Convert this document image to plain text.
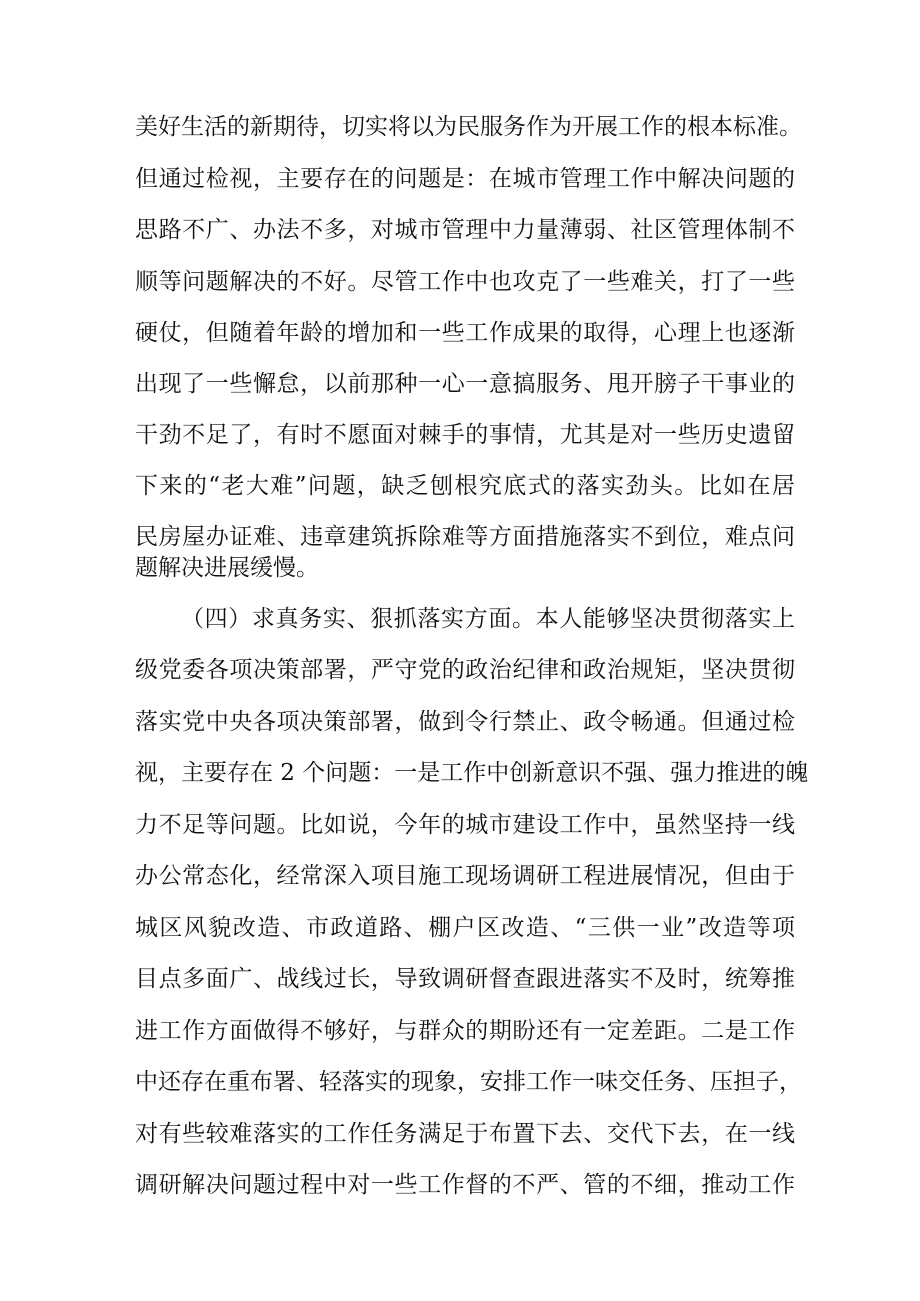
美好生活的新期待，切实将以为民服务作为开展工作的根本标准。
但通过检视，主要存在的问题是：在城市管理工作中解决问题的
思路不广、办法不多，对城市管理中力量薄弱、社区管理体制不
顺等问题解决的不好。尽管工作中也攻克了一些难关，打了一些
硬仗，但随着年龄的增加和一些工作成果的取得，心理上也逐渐
出现了一些懈怠，以前那种一心一意搞服务、甩开膀子干事业的
干劲不足了，有时不愿面对棘手的事情，尤其是对一些历史遗留
下来的“老大难”问题，缺乏刨根究底式的落实劲头。比如在居
民房屋办证难、违章建筑拆除难等方面措施落实不到位，难点问
题解决进展缓慢。
（四）求真务实、狠抓落实方面。本人能够坚决贯彻落实上
级党委各项决策部署，严守党的政治纪律和政治规矩，坚决贯彻
落实党中央各项决策部署，做到令行禁止、政令畅通。但通过检
视，主要存在 2 个问题：一是工作中创新意识不强、强力推进的魄
力不足等问题。比如说，今年的城市建设工作中，虽然坚持一线
办公常态化，经常深入项目施工现场调研工程进展情况，但由于
城区风貌改造、市政道路、棚户区改造、“三供一业”改造等项
目点多面广、战线过长，导致调研督查跟进落实不及时，统筹推
进工作方面做得不够好，与群众的期盼还有一定差距。二是工作
中还存在重布署、轻落实的现象，安排工作一味交任务、压担子，
对有些较难落实的工作任务满足于布置下去、交代下去，在一线
调研解决问题过程中对一些工作督的不严、管的不细，推动工作
